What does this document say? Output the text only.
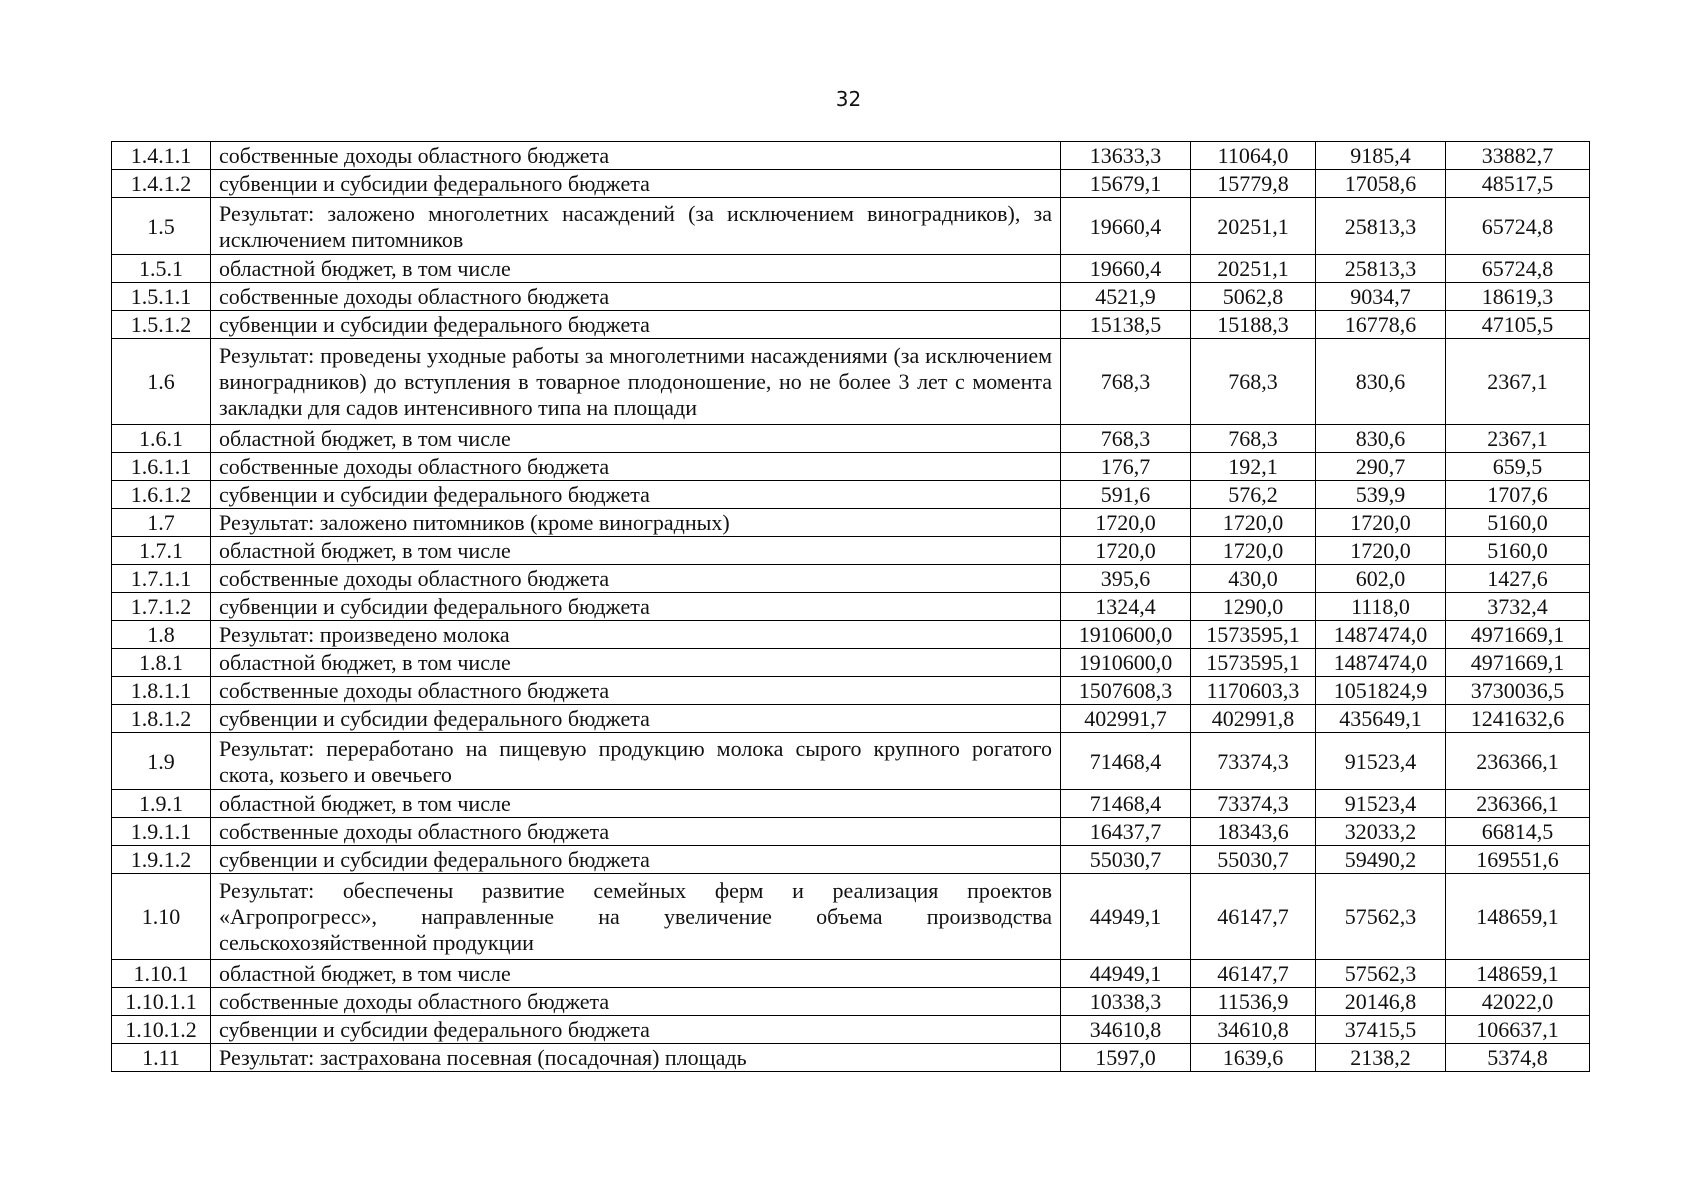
32
1.4.1.1	собственные доходы областного бюджета	13633,3	11064,0	9185,4	33882,7
1.4.1.2	субвенции и субсидии федерального бюджета	15679,1	15779,8	17058,6	48517,5
1.5	Результат: заложено многолетних насаждений (за исключением виноградников), за исключением питомников	19660,4	20251,1	25813,3	65724,8
1.5.1	областной бюджет, в том числе	19660,4	20251,1	25813,3	65724,8
1.5.1.1	собственные доходы областного бюджета	4521,9	5062,8	9034,7	18619,3
1.5.1.2	субвенции и субсидии федерального бюджета	15138,5	15188,3	16778,6	47105,5
1.6	Результат: проведены уходные работы за многолетними насаждениями (за исключением виноградников) до вступления в товарное плодоношение, но не более 3 лет с момента закладки для садов интенсивного типа на площади	768,3	768,3	830,6	2367,1
1.6.1	областной бюджет, в том числе	768,3	768,3	830,6	2367,1
1.6.1.1	собственные доходы областного бюджета	176,7	192,1	290,7	659,5
1.6.1.2	субвенции и субсидии федерального бюджета	591,6	576,2	539,9	1707,6
1.7	Результат: заложено питомников (кроме виноградных)	1720,0	1720,0	1720,0	5160,0
1.7.1	областной бюджет, в том числе	1720,0	1720,0	1720,0	5160,0
1.7.1.1	собственные доходы областного бюджета	395,6	430,0	602,0	1427,6
1.7.1.2	субвенции и субсидии федерального бюджета	1324,4	1290,0	1118,0	3732,4
1.8	Результат: произведено молока	1910600,0	1573595,1	1487474,0	4971669,1
1.8.1	областной бюджет, в том числе	1910600,0	1573595,1	1487474,0	4971669,1
1.8.1.1	собственные доходы областного бюджета	1507608,3	1170603,3	1051824,9	3730036,5
1.8.1.2	субвенции и субсидии федерального бюджета	402991,7	402991,8	435649,1	1241632,6
1.9	Результат: переработано на пищевую продукцию молока сырого крупного рогатого скота, козьего и овечьего	71468,4	73374,3	91523,4	236366,1
1.9.1	областной бюджет, в том числе	71468,4	73374,3	91523,4	236366,1
1.9.1.1	собственные доходы областного бюджета	16437,7	18343,6	32033,2	66814,5
1.9.1.2	субвенции и субсидии федерального бюджета	55030,7	55030,7	59490,2	169551,6
1.10	Результат: обеспечены развитие семейных ферм и реализация проектов «Агропрогресс», направленные на увеличение объема производства сельскохозяйственной продукции	44949,1	46147,7	57562,3	148659,1
1.10.1	областной бюджет, в том числе	44949,1	46147,7	57562,3	148659,1
1.10.1.1	собственные доходы областного бюджета	10338,3	11536,9	20146,8	42022,0
1.10.1.2	субвенции и субсидии федерального бюджета	34610,8	34610,8	37415,5	106637,1
1.11	Результат: застрахована посевная (посадочная) площадь	1597,0	1639,6	2138,2	5374,8
